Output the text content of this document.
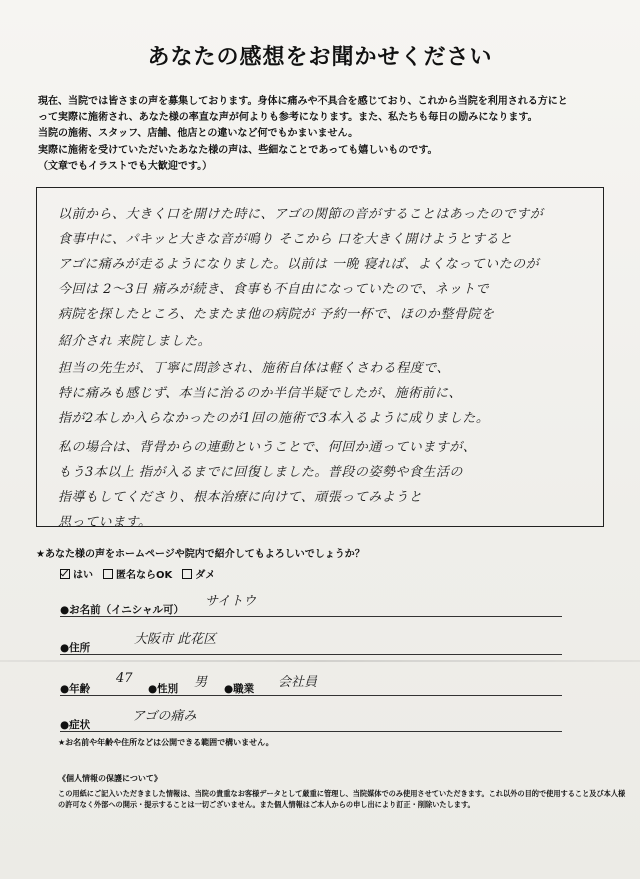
あなたの感想をお聞かせください
現在、当院では皆さまの声を募集しております。身体に痛みや不具合を感じており、これから当院を利用される方にと
って実際に施術され、あなた様の率直な声が何よりも参考になります。また、私たちも毎日の励みになります。
当院の施術、スタッフ、店舗、他店との違いなど何でもかまいません。
実際に施術を受けていただいたあなた様の声は、些細なことであっても嬉しいものです。
（文章でもイラストでも大歓迎です。）
以前から、大きく口を開けた時に、アゴの関節の音がすることはあったのですが
食事中に、パキッと大きな音が鳴り そこから 口を大きく開けようとすると
アゴに痛みが走るようになりました。以前は 一晩 寝れば、よくなっていたのが
今回は 2～3日 痛みが続き、食事も不自由になっていたので、ネットで
病院を探したところ、たまたま他の病院が 予約一杯で、ほのか整骨院を
紹介され 来院しました。
担当の先生が、丁寧に問診され、施術自体は軽くさわる程度で、
特に痛みも感じず、本当に治るのか半信半疑でしたが、施術前に、
指が2本しか入らなかったのが1回の施術で3本入るように成りました。
私の場合は、背骨からの連動ということで、何回か通っていますが、
もう3本以上 指が入るまでに回復しました。普段の姿勢や食生活の
指導もしてくださり、根本治療に向けて、頑張ってみようと
思っています。
★あなた様の声をホームページや院内で紹介してもよろしいでしょうか？
はい 匿名ならOK ダメ
●お名前（イニシャル可）
サイトウ
●住所
大阪市 此花区
●年齢
47
●性別 男 ●職業 会社員
●症状
アゴの痛み
★お名前や年齢や住所などは公開できる範囲で構いません。
《個人情報の保護について》
この用紙にご記入いただきました情報は、当院の貴重なお客様データとして厳重に管理し、当院媒体でのみ使用させていただきます。これ以外の目的で使用すること及び本人様
の許可なく外部への開示・提示することは一切ございません。また個人情報はご本人からの申し出により訂正・削除いたします。
